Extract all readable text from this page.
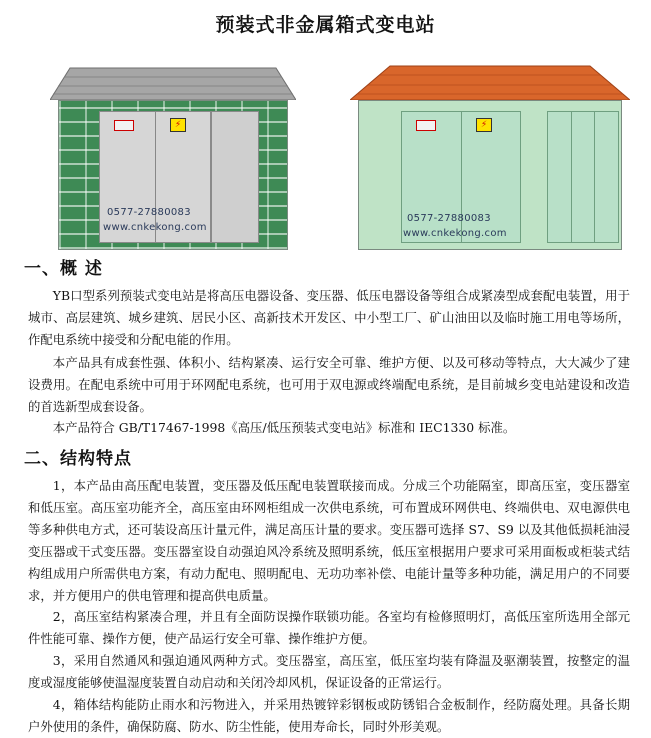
预装式非金属箱式变电站
⚡
0577-27880083
www.cnkekong.com
⚡
0577-27880083
www.cnkekong.com
一、概 述
YB口型系列预装式变电站是将高压电器设备、变压器、低压电器设备等组合成紧凑型成套配电装置，用于城市、高层建筑、城乡建筑、居民小区、高新技术开发区、中小型工厂、矿山油田以及临时施工用电等场所，作配电系统中接受和分配电能的作用。
本产品具有成套性强、体积小、结构紧凑、运行安全可靠、维护方便、以及可移动等特点，大大减少了建设费用。在配电系统中可用于环网配电系统，也可用于双电源或终端配电系统，是目前城乡变电站建设和改造的首选新型成套设备。
本产品符合 GB/T17467-1998《高压/低压预装式变电站》标准和 IEC1330 标准。
二、结构特点
1，本产品由高压配电装置，变压器及低压配电装置联接而成。分成三个功能隔室，即高压室，变压器室和低压室。高压室功能齐全，高压室由环网柜组成一次供电系统，可布置成环网供电、终端供电、双电源供电等多种供电方式，还可装设高压计量元件，满足高压计量的要求。变压器可选择 S7、S9 以及其他低损耗油浸变压器或干式变压器。变压器室设自动强迫风冷系统及照明系统，低压室根据用户要求可采用面板或柜装式结构组成用户所需供电方案，有动力配电、照明配电、无功功率补偿、电能计量等多种功能，满足用户的不同要求，并方便用户的供电管理和提高供电质量。
2，高压室结构紧凑合理，并且有全面防误操作联锁功能。各室均有检修照明灯，高低压室所选用全部元件性能可靠、操作方便，使产品运行安全可靠、操作维护方便。
3，采用自然通风和强迫通风两种方式。变压器室，高压室，低压室均装有降温及驱潮装置，按整定的温度或湿度能够使温湿度装置自动启动和关闭冷却风机，保证设备的正常运行。
4，箱体结构能防止雨水和污物进入，并采用热镀锌彩钢板或防锈铝合金板制作，经防腐处理。具备长期户外使用的条件，确保防腐、防水、防尘性能，使用寿命长，同时外形美观。
